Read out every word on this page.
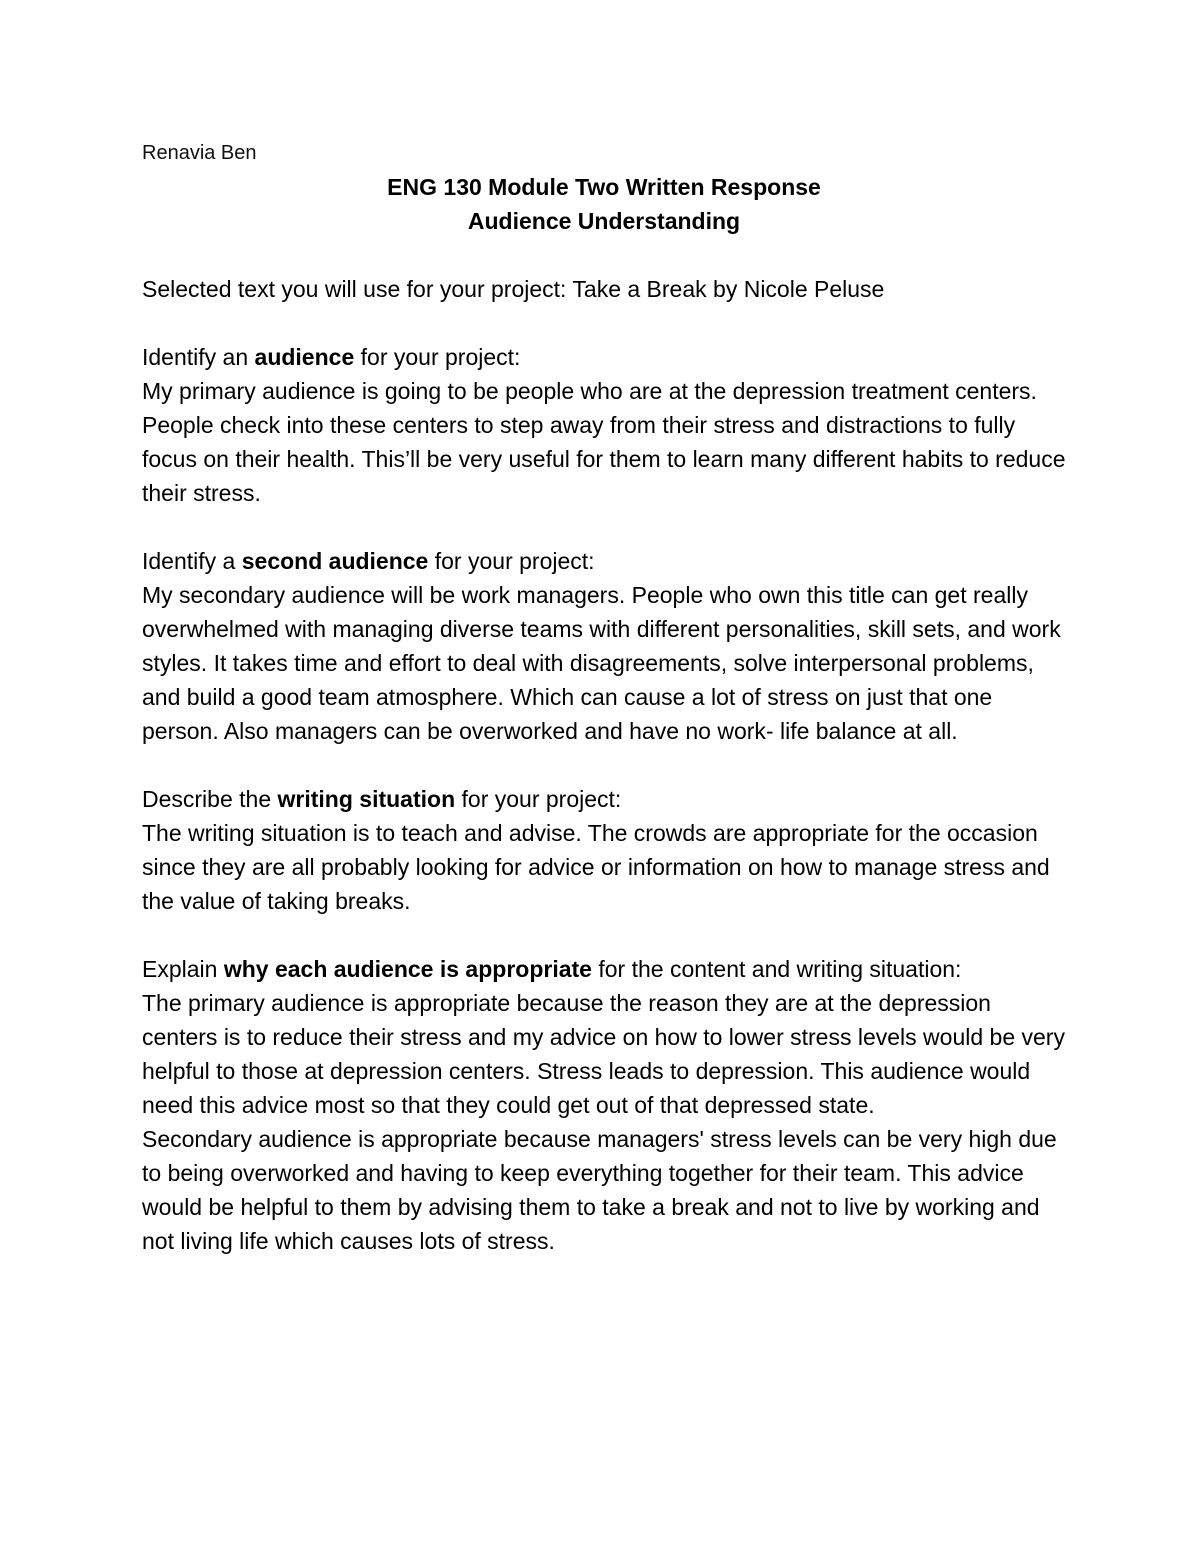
Renavia Ben

ENG 130 Module Two Written Response

Audience Understanding

Selected text you will use for your project: Take a Break by Nicole Peluse

Identify an audience for your project:

My primary audience is going to be people who are at the depression treatment centers. People check into these centers to step away from their stress and distractions to fully focus on their health. This’ll be very useful for them to learn many different habits to reduce their stress.

Identify a second audience for your project:

My secondary audience will be work managers. People who own this title can get really overwhelmed with managing diverse teams with different personalities, skill sets, and work styles. It takes time and effort to deal with disagreements, solve interpersonal problems, and build a good team atmosphere. Which can cause a lot of stress on just that one person. Also managers can be overworked and have no work- life balance at all.

Describe the writing situation for your project:

The writing situation is to teach and advise. The crowds are appropriate for the occasion since they are all probably looking for advice or information on how to manage stress and the value of taking breaks.

Explain why each audience is appropriate for the content and writing situation:

The primary audience is appropriate because the reason they are at the depression centers is to reduce their stress and my advice on how to lower stress levels would be very helpful to those at depression centers. Stress leads to depression. This audience would need this advice most so that they could get out of that depressed state.

Secondary audience is appropriate because managers' stress levels can be very high due to being overworked and having to keep everything together for their team. This advice would be helpful to them by advising them to take a break and not to live by working and not living life which causes lots of stress.
